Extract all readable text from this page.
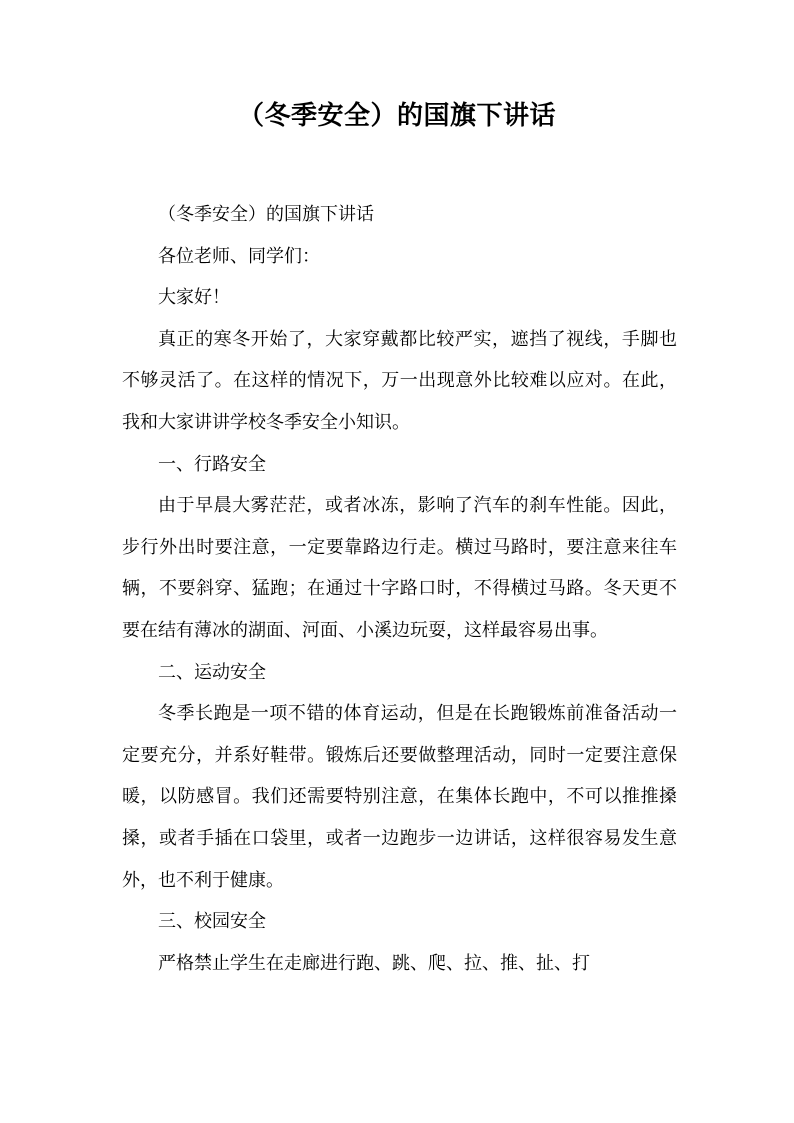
（冬季安全）的国旗下讲话

（冬季安全）的国旗下讲话

各位老师、同学们：

大家好！

真正的寒冬开始了，大家穿戴都比较严实，遮挡了视线，手脚也不够灵活了。在这样的情况下，万一出现意外比较难以应对。在此，我和大家讲讲学校冬季安全小知识。

一、行路安全

由于早晨大雾茫茫，或者冰冻，影响了汽车的刹车性能。因此，步行外出时要注意，一定要靠路边行走。横过马路时，要注意来往车辆，不要斜穿、猛跑；在通过十字路口时，不得横过马路。冬天更不要在结有薄冰的湖面、河面、小溪边玩耍，这样最容易出事。

二、运动安全

冬季长跑是一项不错的体育运动，但是在长跑锻炼前准备活动一定要充分，并系好鞋带。锻炼后还要做整理活动，同时一定要注意保暖，以防感冒。我们还需要特别注意，在集体长跑中，不可以推推搡搡，或者手插在口袋里，或者一边跑步一边讲话，这样很容易发生意外，也不利于健康。

三、校园安全

严格禁止学生在走廊进行跑、跳、爬、拉、推、扯、打
